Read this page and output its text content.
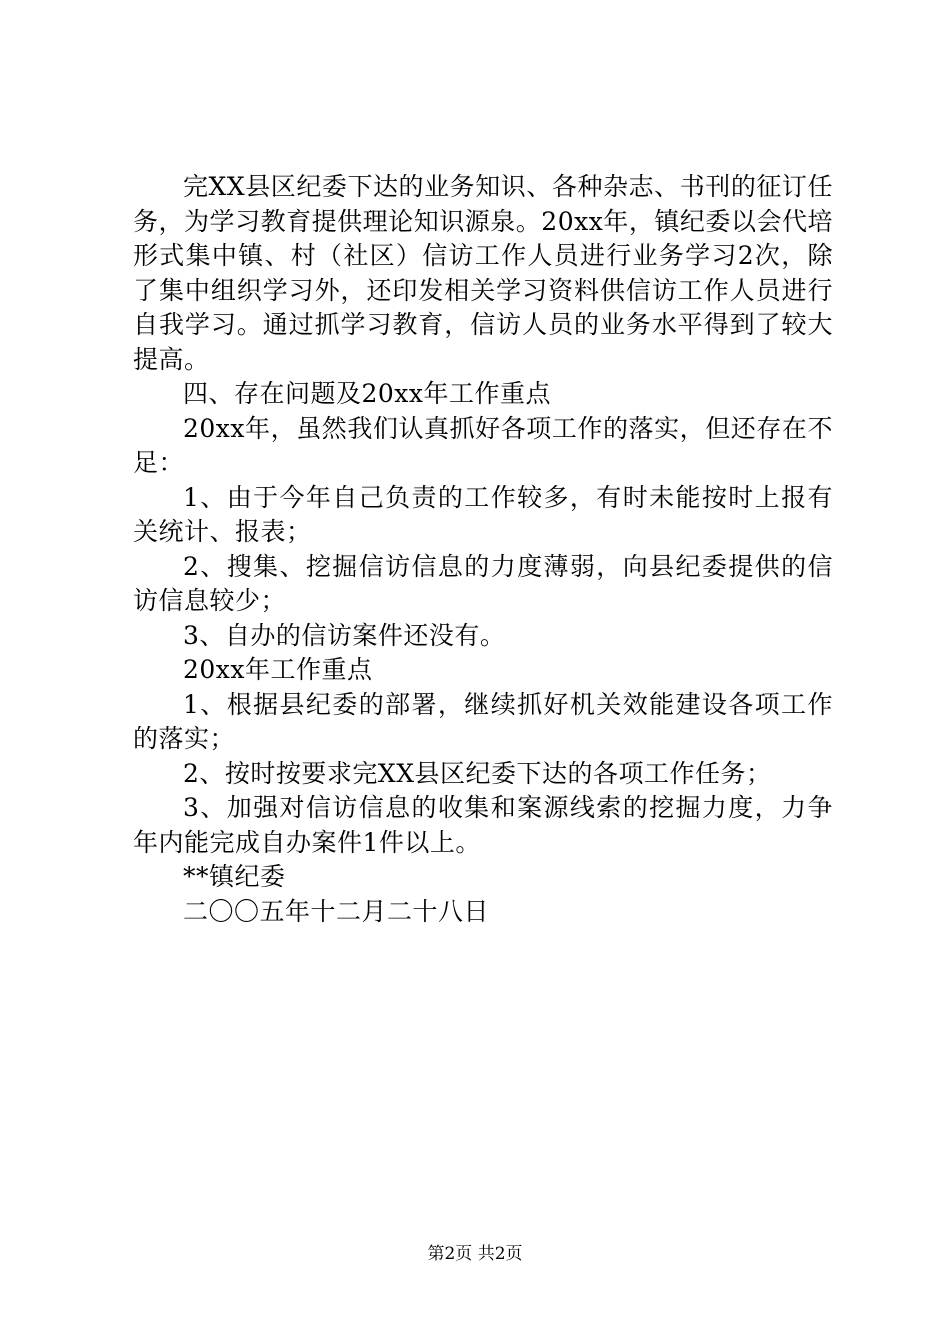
完XX县区纪委下达的业务知识、各种杂志、书刊的征订任务，为学习教育提供理论知识源泉。20xx年，镇纪委以会代培形式集中镇、村（社区）信访工作人员进行业务学习2次，除了集中组织学习外，还印发相关学习资料供信访工作人员进行自我学习。通过抓学习教育，信访人员的业务水平得到了较大提高。

四、存在问题及20xx年工作重点

20xx年，虽然我们认真抓好各项工作的落实，但还存在不足：

1、由于今年自己负责的工作较多，有时未能按时上报有关统计、报表；

2、搜集、挖掘信访信息的力度薄弱，向县纪委提供的信访信息较少；

3、自办的信访案件还没有。

20xx年工作重点

1、根据县纪委的部署，继续抓好机关效能建设各项工作的落实；

2、按时按要求完XX县区纪委下达的各项工作任务；

3、加强对信访信息的收集和案源线索的挖掘力度，力争年内能完成自办案件1件以上。

**镇纪委

二〇〇五年十二月二十八日

第2页 共2页
